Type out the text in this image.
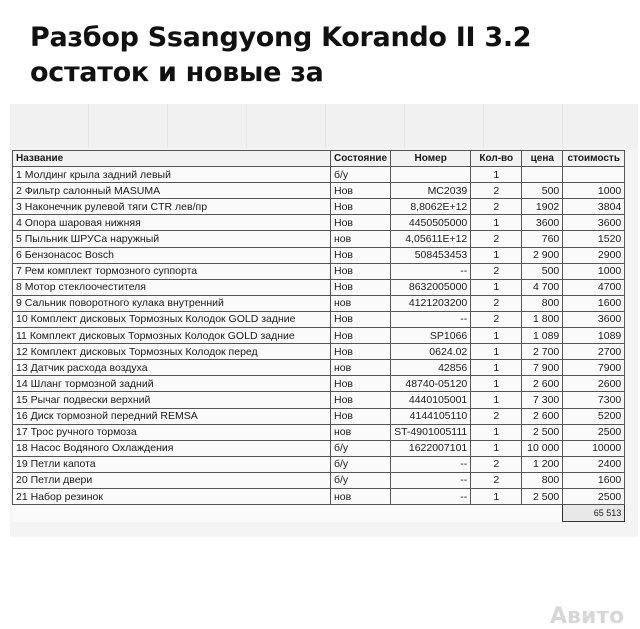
Разбор Ssangyong Korando II 3.2
остаток и новые за
Название	Состояние	Номер	Кол-во	цена	стоимость
1 Молдинг крыла задний левый	б/у		1		
2 Фильтр салонный MASUMA	Нов	MC2039	2	500	1000
3 Наконечник рулевой тяги CTR лев/пр	Нов	8,8062E+12	2	1902	3804
4 Опора шаровая нижняя	Нов	4450505000	1	3600	3600
5 Пыльник ШРУСа наружный	нов	4,05611E+12	2	760	1520
6 Бензонасос Bosch	Нов	508453453	1	2 900	2900
7 Рем комплект тормозного суппорта	Нов	--	2	500	1000
8 Мотор стеклоочестителя	Нов	8632005000	1	4 700	4700
9 Сальник поворотного кулака внутренний	нов	4121203200	2	800	1600
10 Комплект дисковых Тормозных Колодок GOLD задние	Нов	--	2	1 800	3600
11 Комплект дисковых Тормозных Колодок GOLD задние	Нов	SP1066	1	1 089	1089
12 Комплект дисковых Тормозных Колодок перед	Нов	0624.02	1	2 700	2700
13 Датчик расхода воздуха	нов	42856	1	7 900	7900
14 Шланг тормозной задний	Нов	48740-05120	1	2 600	2600
15 Рычаг подвески верхний	Нов	4440105001	1	7 300	7300
16 Диск тормозной передний REMSA	Нов	4144105110	2	2 600	5200
17 Трос ручного тормоза	нов	ST-4901005111	1	2 500	2500
18 Насос Водяного Охлаждения	б/у	1622007101	1	10 000	10000
19 Петли капота	б/у	--	2	1 200	2400
20 Петли двери	б/у	--	2	800	1600
21 Набор резинок	нов	--	1	2 500	2500
					65 513
Авито
